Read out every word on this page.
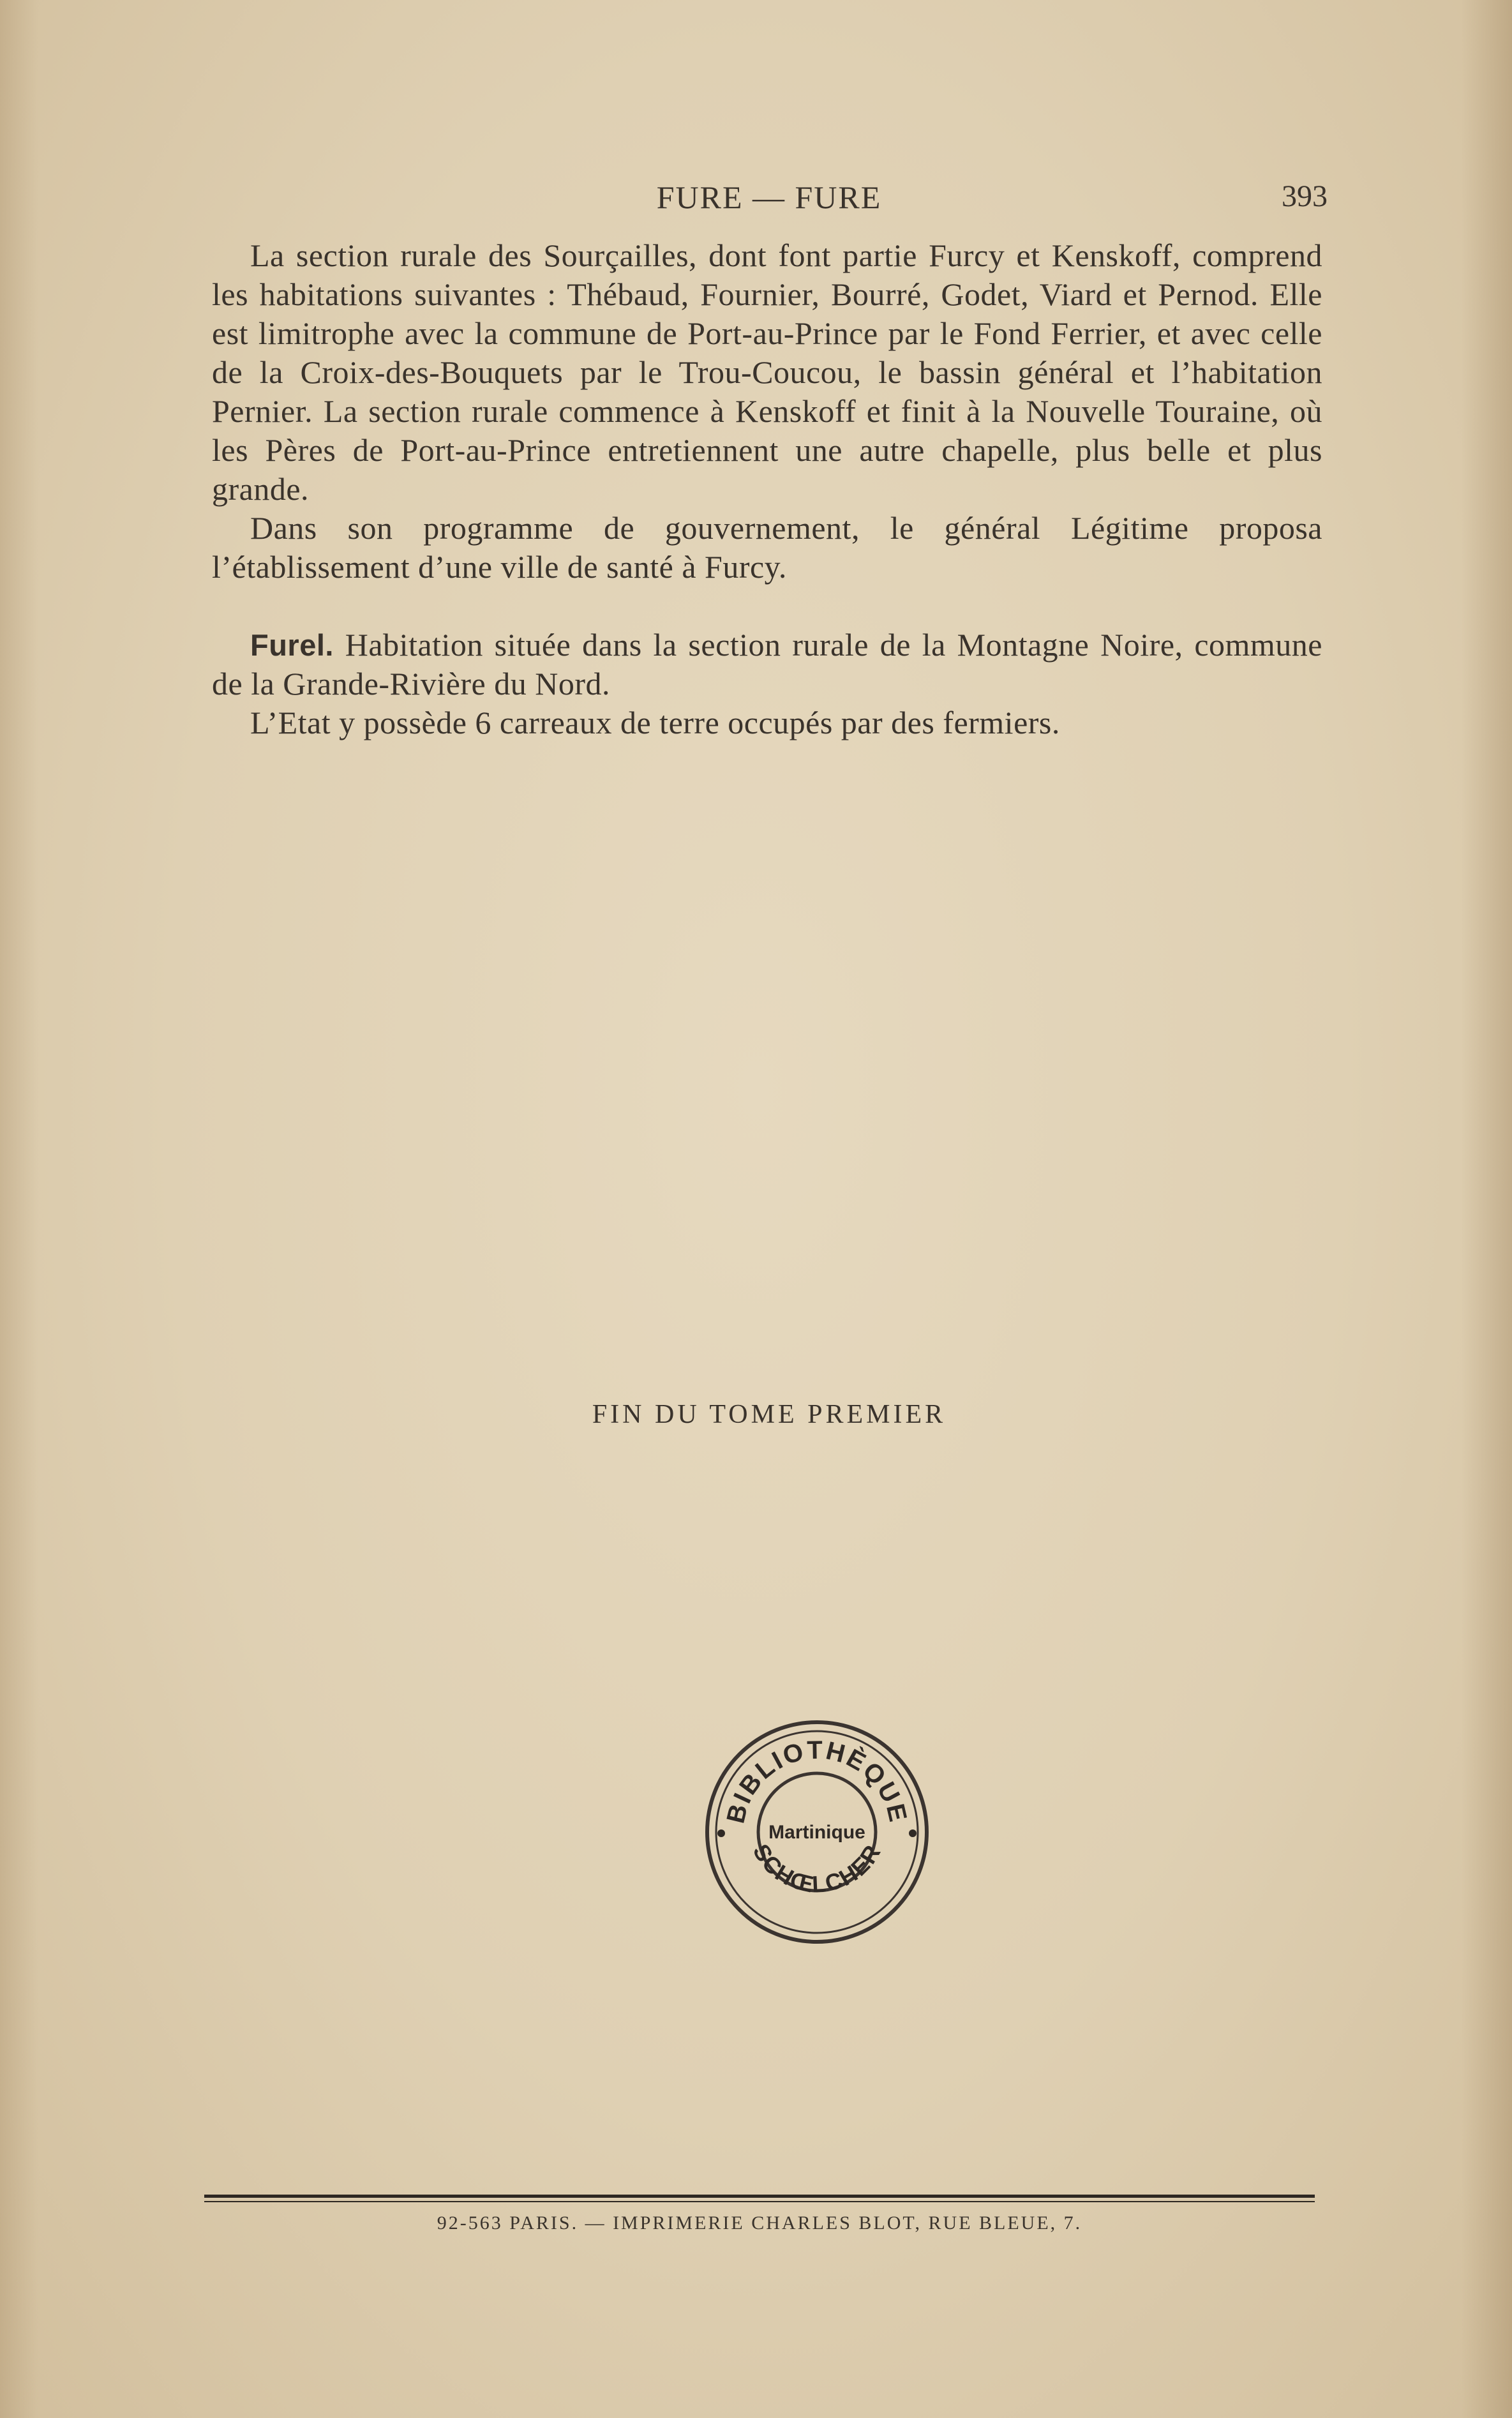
FURE — FURE	393

La section rurale des Sourçailles, dont font partie Furcy et Kenskoff, comprend les habitations suivantes : Thébaud, Fournier, Bourré, Godet, Viard et Pernod. Elle est limitrophe avec la commune de Port-au-Prince par le Fond Ferrier, et avec celle de la Croix-des-Bouquets par le Trou-Coucou, le bassin général et l’habitation Pernier. La section rurale commence à Kenskoff et finit à la Nouvelle Touraine, où les Pères de Port-au-Prince entretiennent une autre chapelle, plus belle et plus grande.

Dans son programme de gouvernement, le général Légitime proposa l’établissement d’une ville de santé à Furcy.

Furel. Habitation située dans la section rurale de la Montagne Noire, commune de la Grande-Rivière du Nord.

L’Etat y possède 6 carreaux de terre occupés par des fermiers.

FIN DU TOME PREMIER
BIBLIOTHÈQUE
SCHŒLCHER
Martinique
92-563 PARIS. — IMPRIMERIE CHARLES BLOT, RUE BLEUE, 7.
